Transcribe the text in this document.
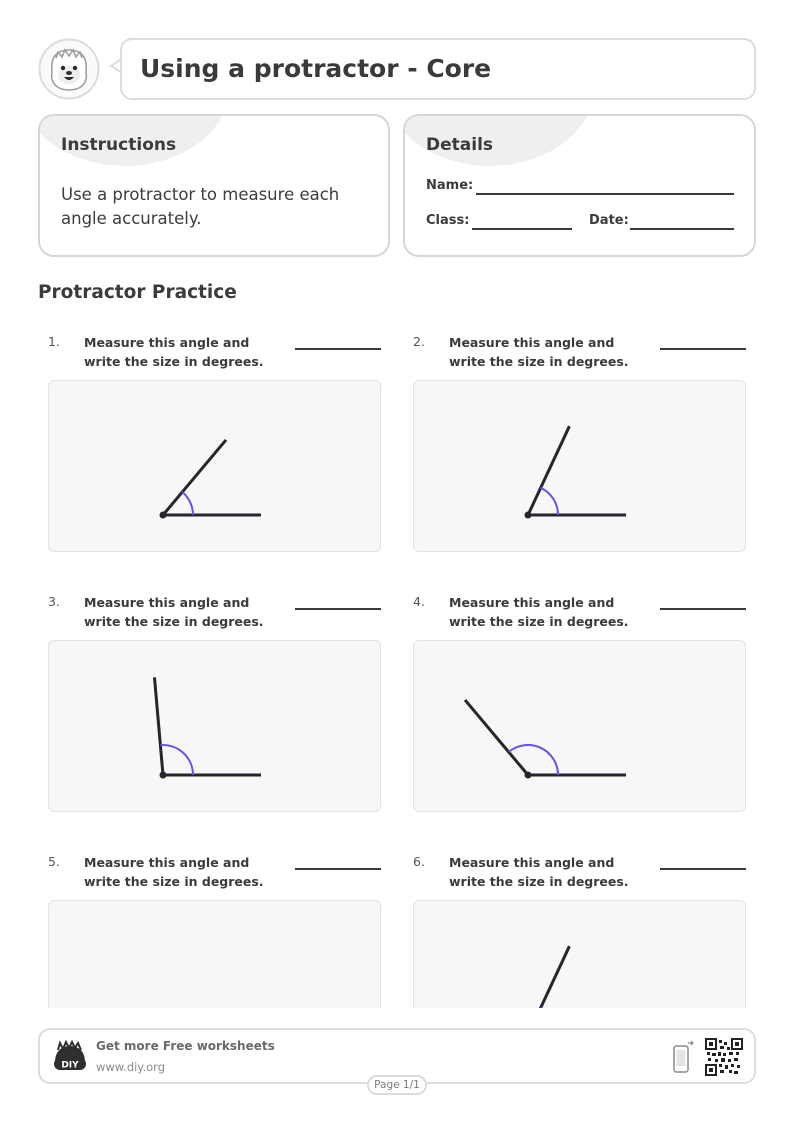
Using a protractor - Core
Instructions
Use a protractor to measure each angle accurately.
Details
Name:
Class:	Date:
Protractor Practice
1. Measure this angle and write the size in degrees.
2. Measure this angle and write the size in degrees.
3. Measure this angle and write the size in degrees.
4. Measure this angle and write the size in degrees.
5. Measure this angle and write the size in degrees.
6. Measure this angle and write the size in degrees.
DIY
Get more Free worksheets
www.diy.org
Page 1/1
